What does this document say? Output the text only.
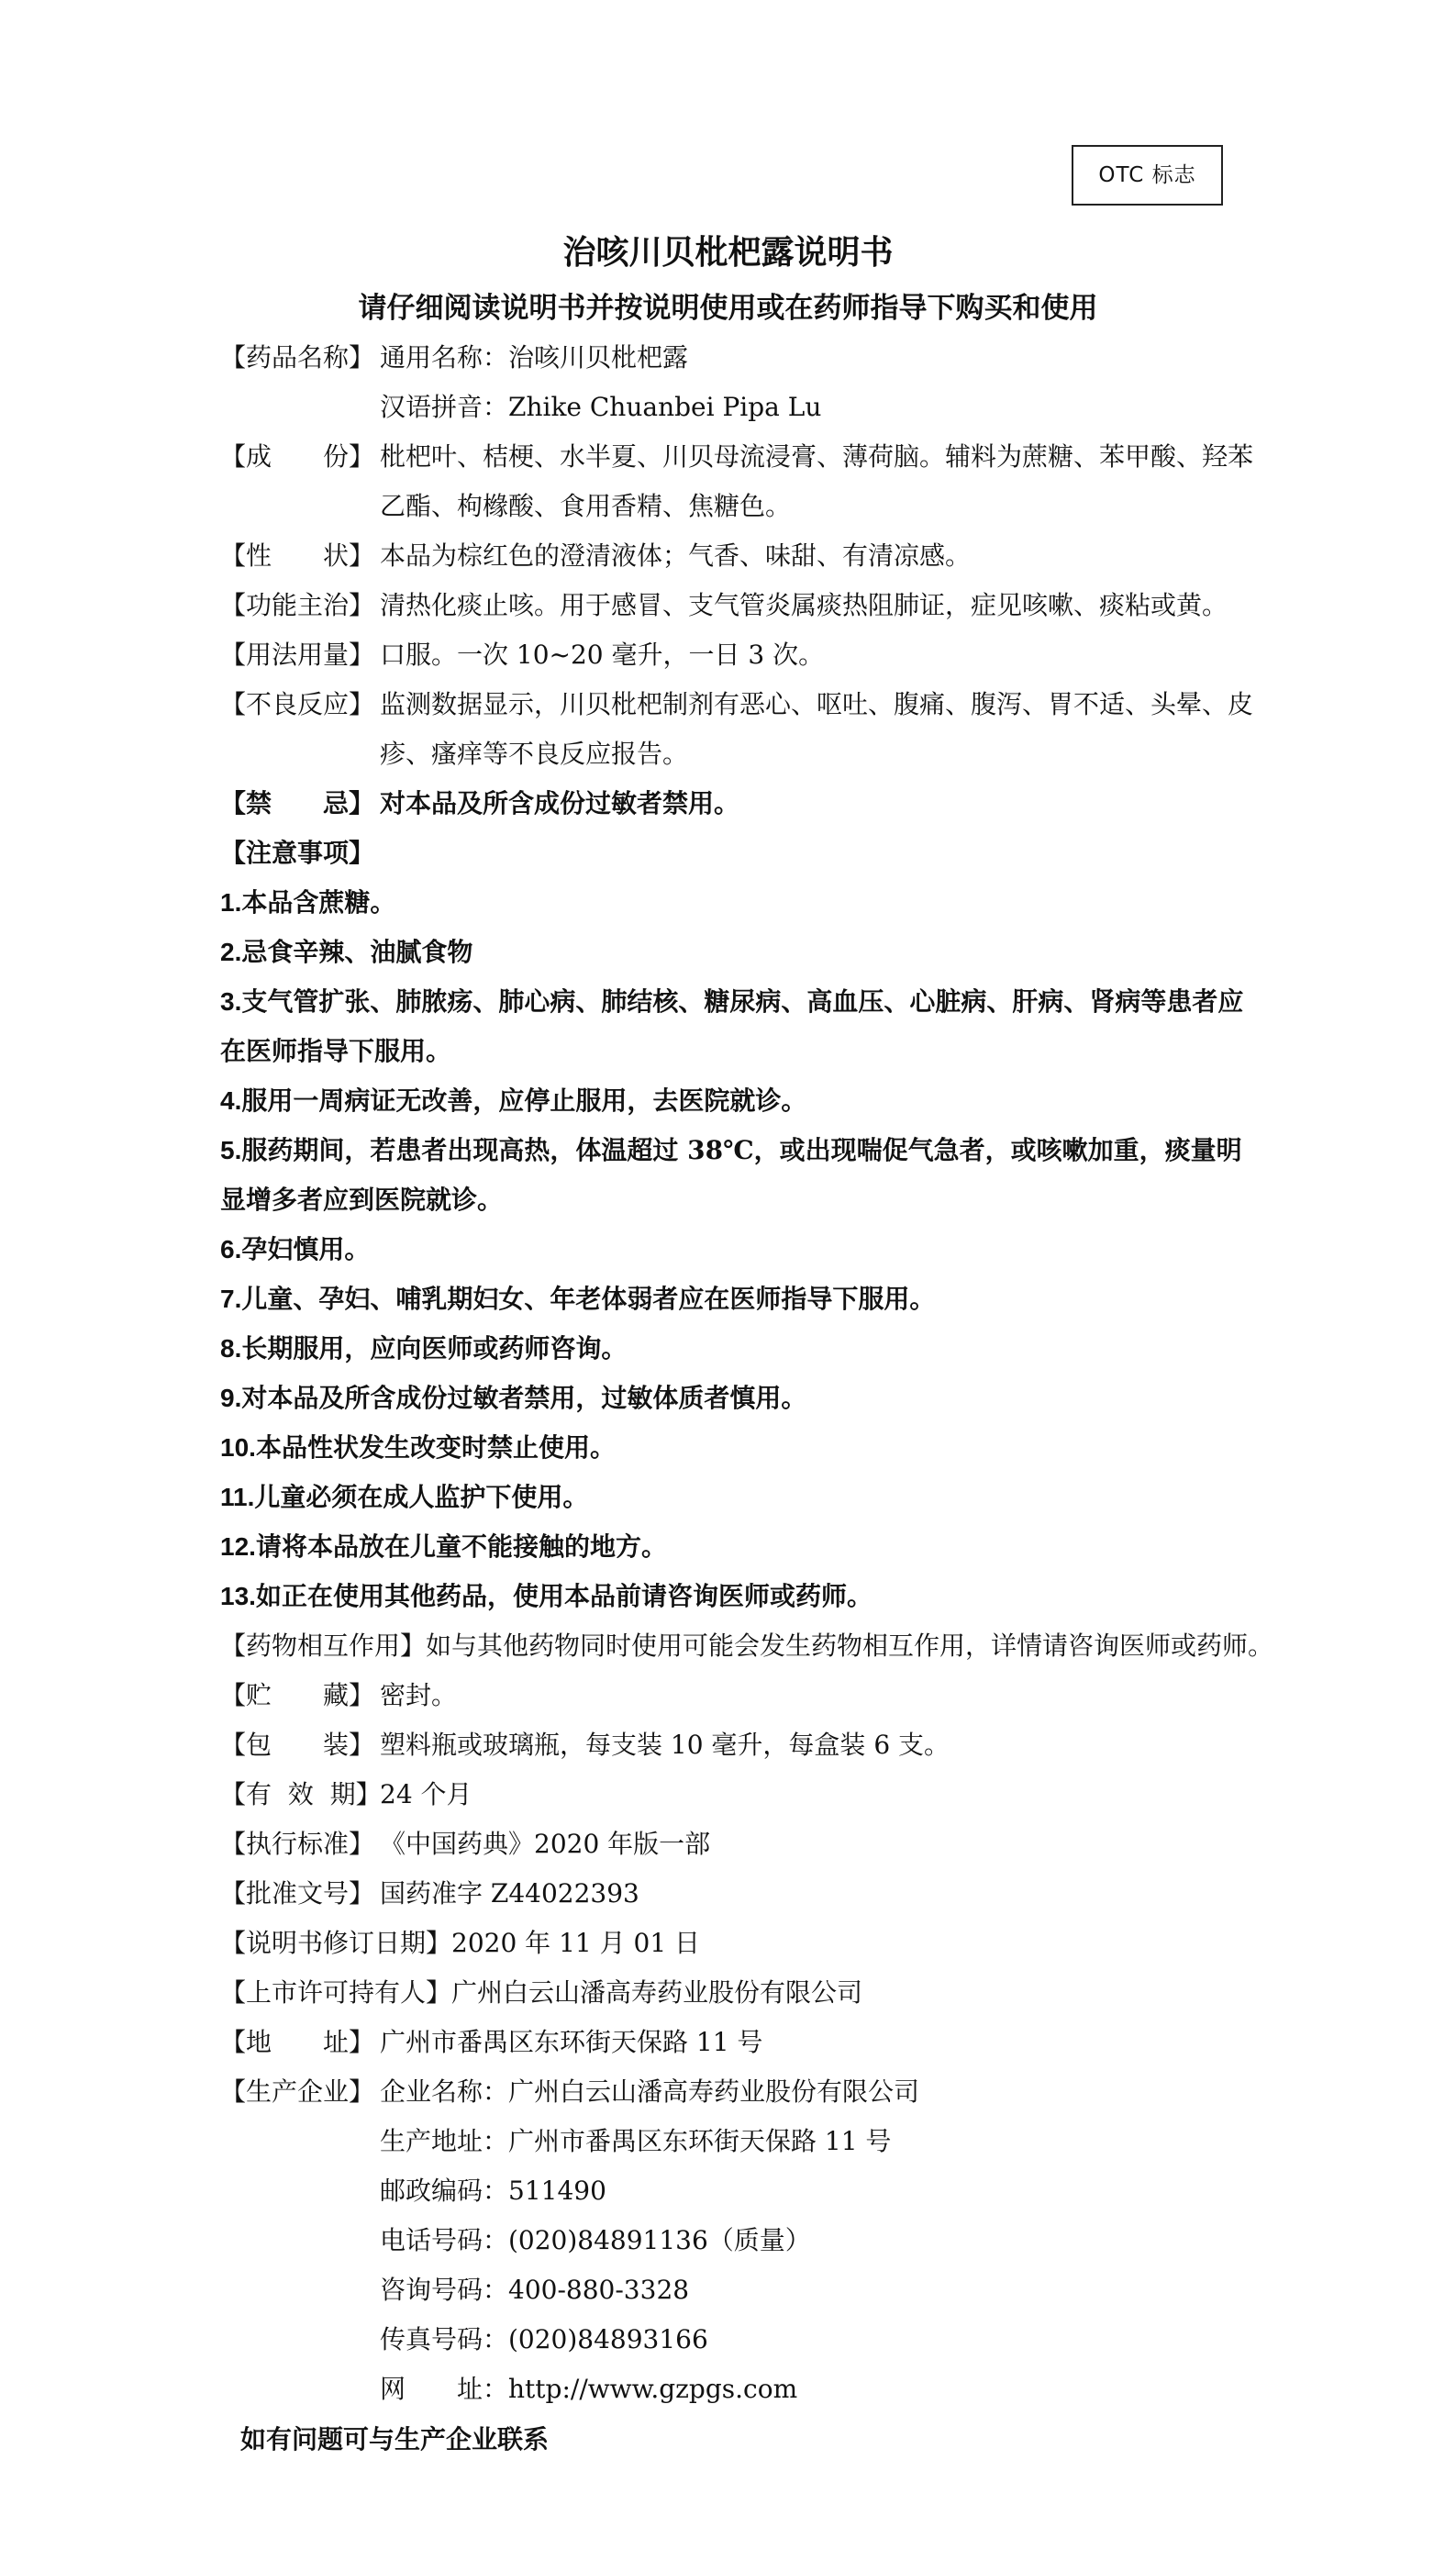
OTC 标志
治咳川贝枇杷露说明书
请仔细阅读说明书并按说明使用或在药师指导下购买和使用
【药品名称】 通用名称：治咳川贝枇杷露
汉语拼音：Zhike Chuanbei Pipa Lu
【成　　份】 枇杷叶、桔梗、水半夏、川贝母流浸膏、薄荷脑。辅料为蔗糖、苯甲酸、羟苯
乙酯、枸橼酸、食用香精、焦糖色。
【性　　状】 本品为棕红色的澄清液体；气香、味甜、有清凉感。
【功能主治】 清热化痰止咳。用于感冒、支气管炎属痰热阻肺证，症见咳嗽、痰粘或黄。
【用法用量】 口服。一次 10~20 毫升，一日 3 次。
【不良反应】 监测数据显示，川贝枇杷制剂有恶心、呕吐、腹痛、腹泻、胃不适、头晕、皮
疹、瘙痒等不良反应报告。
【禁　　忌】 对本品及所含成份过敏者禁用。
【注意事项】
1.本品含蔗糖。
2.忌食辛辣、油腻食物
3.支气管扩张、肺脓疡、肺心病、肺结核、糖尿病、高血压、心脏病、肝病、肾病等患者应
在医师指导下服用。
4.服用一周病证无改善，应停止服用，去医院就诊。
5.服药期间，若患者出现高热，体温超过 38℃，或出现喘促气急者，或咳嗽加重，痰量明
显增多者应到医院就诊。
6.孕妇慎用。
7.儿童、孕妇、哺乳期妇女、年老体弱者应在医师指导下服用。
8.长期服用，应向医师或药师咨询。
9.对本品及所含成份过敏者禁用，过敏体质者慎用。
10.本品性状发生改变时禁止使用。
11.儿童必须在成人监护下使用。
12.请将本品放在儿童不能接触的地方。
13.如正在使用其他药品，使用本品前请咨询医师或药师。
【药物相互作用】如与其他药物同时使用可能会发生药物相互作用，详情请咨询医师或药师。
【贮　　藏】 密封。
【包　　装】 塑料瓶或玻璃瓶，每支装 10 毫升，每盒装 6 支。
【有  效  期】
24 个月
【执行标准】 《中国药典》2020 年版一部
【批准文号】 国药准字 Z44022393
【说明书修订日期】2020 年 11 月 01 日
【上市许可持有人】广州白云山潘高寿药业股份有限公司
【地　　址】 广州市番禺区东环街天保路 11 号
【生产企业】 企业名称：广州白云山潘高寿药业股份有限公司
生产地址：广州市番禺区东环街天保路 11 号
邮政编码：511490
电话号码：(020)84891136（质量）
咨询号码：400-880-3328
传真号码：(020)84893166
网　　址：http://www.gzpgs.com
如有问题可与生产企业联系
